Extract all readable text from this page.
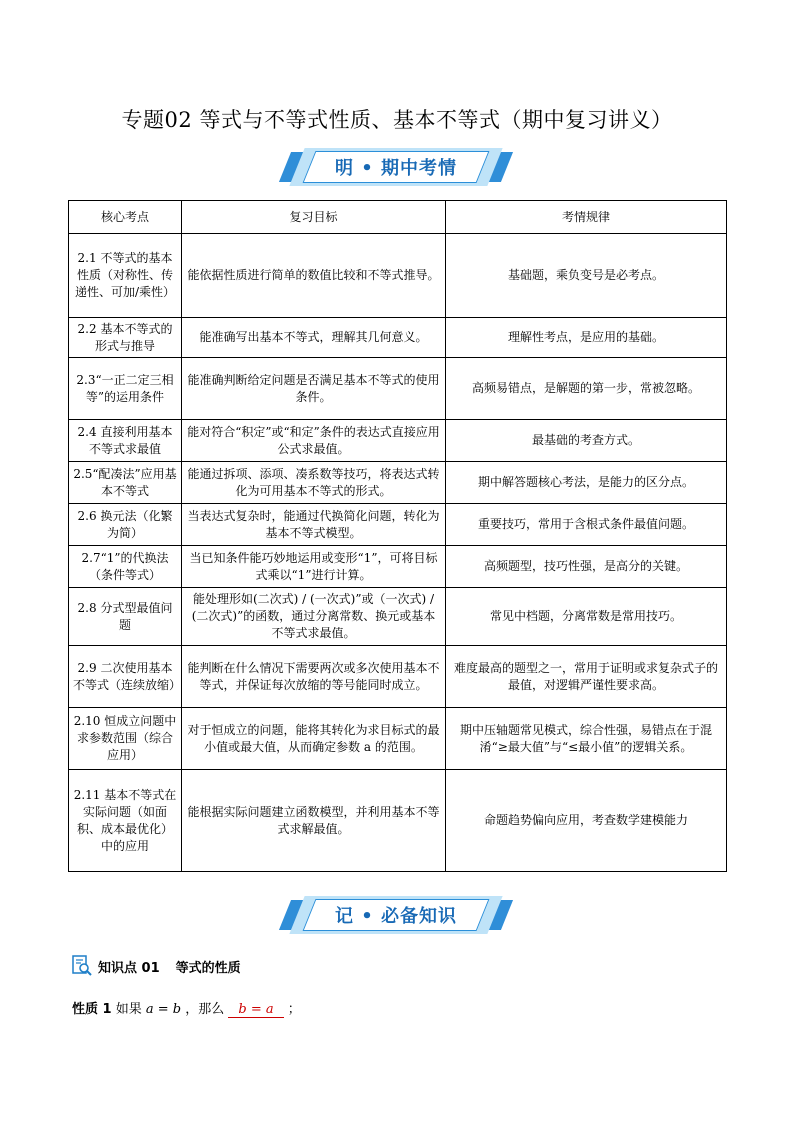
专题02 等式与不等式性质、基本不等式（期中复习讲义）
明 • 期中考情
核心考点	复习目标	考情规律
2.1 不等式的基本性质（对称性、传递性、可加/乘性）	能依据性质进行简单的数值比较和不等式推导。	基础题，乘负变号是必考点。
2.2 基本不等式的形式与推导	能准确写出基本不等式，理解其几何意义。	理解性考点，是应用的基础。
2.3“一正二定三相等”的运用条件	能准确判断给定问题是否满足基本不等式的使用条件。	高频易错点，是解题的第一步，常被忽略。
2.4 直接利用基本不等式求最值	能对符合“积定”或“和定”条件的表达式直接应用公式求最值。	最基础的考查方式。
2.5“配凑法”应用基本不等式	能通过拆项、添项、凑系数等技巧，将表达式转化为可用基本不等式的形式。	期中解答题核心考法，是能力的区分点。
2.6 换元法（化繁为简）	当表达式复杂时，能通过代换简化问题，转化为基本不等式模型。	重要技巧，常用于含根式条件最值问题。
2.7“1”的代换法（条件等式）	当已知条件能巧妙地运用或变形“1”，可将目标式乘以“1”进行计算。	高频题型，技巧性强，是高分的关键。
2.8 分式型最值问题	能处理形如(二次式) / (一次式)”或（一次式) / (二次式)”的函数，通过分离常数、换元或基本不等式求最值。	常见中档题，分离常数是常用技巧。
2.9 二次使用基本不等式（连续放缩）	能判断在什么情况下需要两次或多次使用基本不等式，并保证每次放缩的等号能同时成立。	难度最高的题型之一，常用于证明或求复杂式子的最值，对逻辑严谨性要求高。
2.10 恒成立问题中求参数范围（综合应用）	对于恒成立的问题，能将其转化为求目标式的最小值或最大值，从而确定参数 a 的范围。	期中压轴题常见模式，综合性强，易错点在于混淆“≥最大值”与“≤最小值”的逻辑关系。
2.11 基本不等式在实际问题（如面积、成本最优化）中的应用	能根据实际问题建立函数模型，并利用基本不等式求解最值。	命题趋势偏向应用，考查数学建模能力
记 • 必备知识
知识点 01 等式的性质
性质 1 如果 a = b ，那么 b = a ；
